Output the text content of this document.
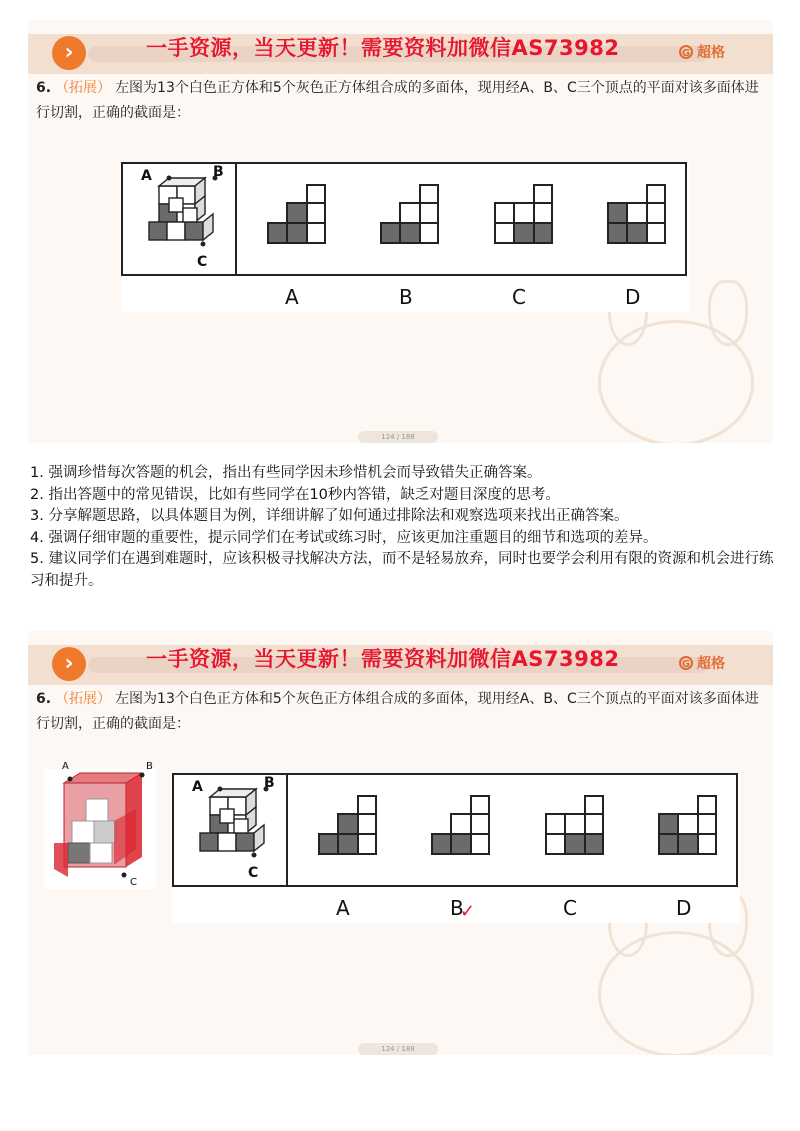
›	一手资源，当天更新！需要资料加微信AS73982	G 超格
6. （拓展） 左图为13个白色正方体和5个灰色正方体组合成的多面体，现用经A、B、C三个顶点的平面对该多面体进行切割，正确的截面是：
A	B
C
A	B	C	D
124 / 188

1. 强调珍惜每次答题的机会，指出有些同学因未珍惜机会而导致错失正确答案。

2. 指出答题中的常见错误，比如有些同学在10秒内答错，缺乏对题目深度的思考。

3. 分享解题思路，以具体题目为例，详细讲解了如何通过排除法和观察选项来找出正确答案。

4. 强调仔细审题的重要性，提示同学们在考试或练习时，应该更加注重题目的细节和选项的差异。

5. 建议同学们在遇到难题时，应该积极寻找解决方法，而不是轻易放弃，同时也要学会利用有限的资源和机会进行练习和提升。

›	一手资源，当天更新！需要资料加微信AS73982	G 超格
6. （拓展） 左图为13个白色正方体和5个灰色正方体组合成的多面体，现用经A、B、C三个顶点的平面对该多面体进行切割，正确的截面是：
A	B
C
A	B
C
A	B
✓	C	D
124 / 188
